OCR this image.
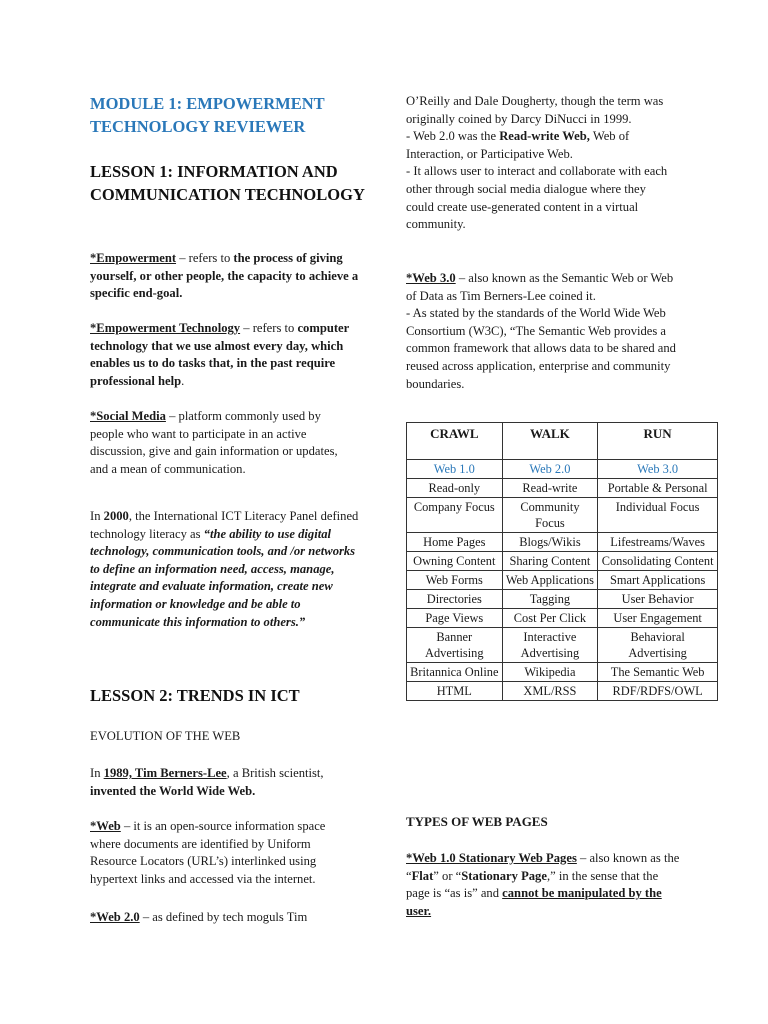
MODULE 1: EMPOWERMENT TECHNOLOGY REVIEWER
LESSON 1: INFORMATION AND COMMUNICATION TECHNOLOGY

*Empowerment – refers to the process of giving yourself, or other people, the capacity to achieve a specific end-goal.

*Empowerment Technology – refers to computer technology that we use almost every day, which enables us to do tasks that, in the past require professional help.

*Social Media – platform commonly used by people who want to participate in an active discussion, give and gain information or updates, and a mean of communication.

In 2000, the International ICT Literacy Panel defined technology literacy as “the ability to use digital technology, communication tools, and /or networks to define an information need, access, manage, integrate and evaluate information, create new information or knowledge and be able to communicate this information to others.”

LESSON 2: TRENDS IN ICT

EVOLUTION OF THE WEB

In 1989, Tim Berners-Lee, a British scientist, invented the World Wide Web.

*Web – it is an open-source information space where documents are identified by Uniform Resource Locators (URL’s) interlinked using hypertext links and accessed via the internet.

*Web 2.0 – as defined by tech moguls Tim

O’Reilly and Dale Dougherty, though the term was originally coined by Darcy DiNucci in 1999.
- Web 2.0 was the Read-write Web, Web of Interaction, or Participative Web.
- It allows user to interact and collaborate with each other through social media dialogue where they could create use-generated content in a virtual community.

*Web 3.0 – also known as the Semantic Web or Web of Data as Tim Berners-Lee coined it.
- As stated by the standards of the World Wide Web Consortium (W3C), “The Semantic Web provides a common framework that allows data to be shared and reused across application, enterprise and community boundaries.

CRAWL	WALK	RUN
Web 1.0	Web 2.0	Web 3.0
Read-only	Read-write	Portable & Personal
Company Focus	Community Focus	Individual Focus
Home Pages	Blogs/Wikis	Lifestreams/Waves
Owning Content	Sharing Content	Consolidating Content
Web Forms	Web Applications	Smart Applications
Directories	Tagging	User Behavior
Page Views	Cost Per Click	User Engagement
Banner Advertising	Interactive Advertising	Behavioral Advertising
Britannica Online	Wikipedia	The Semantic Web
HTML	XML/RSS	RDF/RDFS/OWL

TYPES OF WEB PAGES

*Web 1.0 Stationary Web Pages – also known as the “Flat” or “Stationary Page,” in the sense that the page is “as is” and cannot be manipulated by the user.
